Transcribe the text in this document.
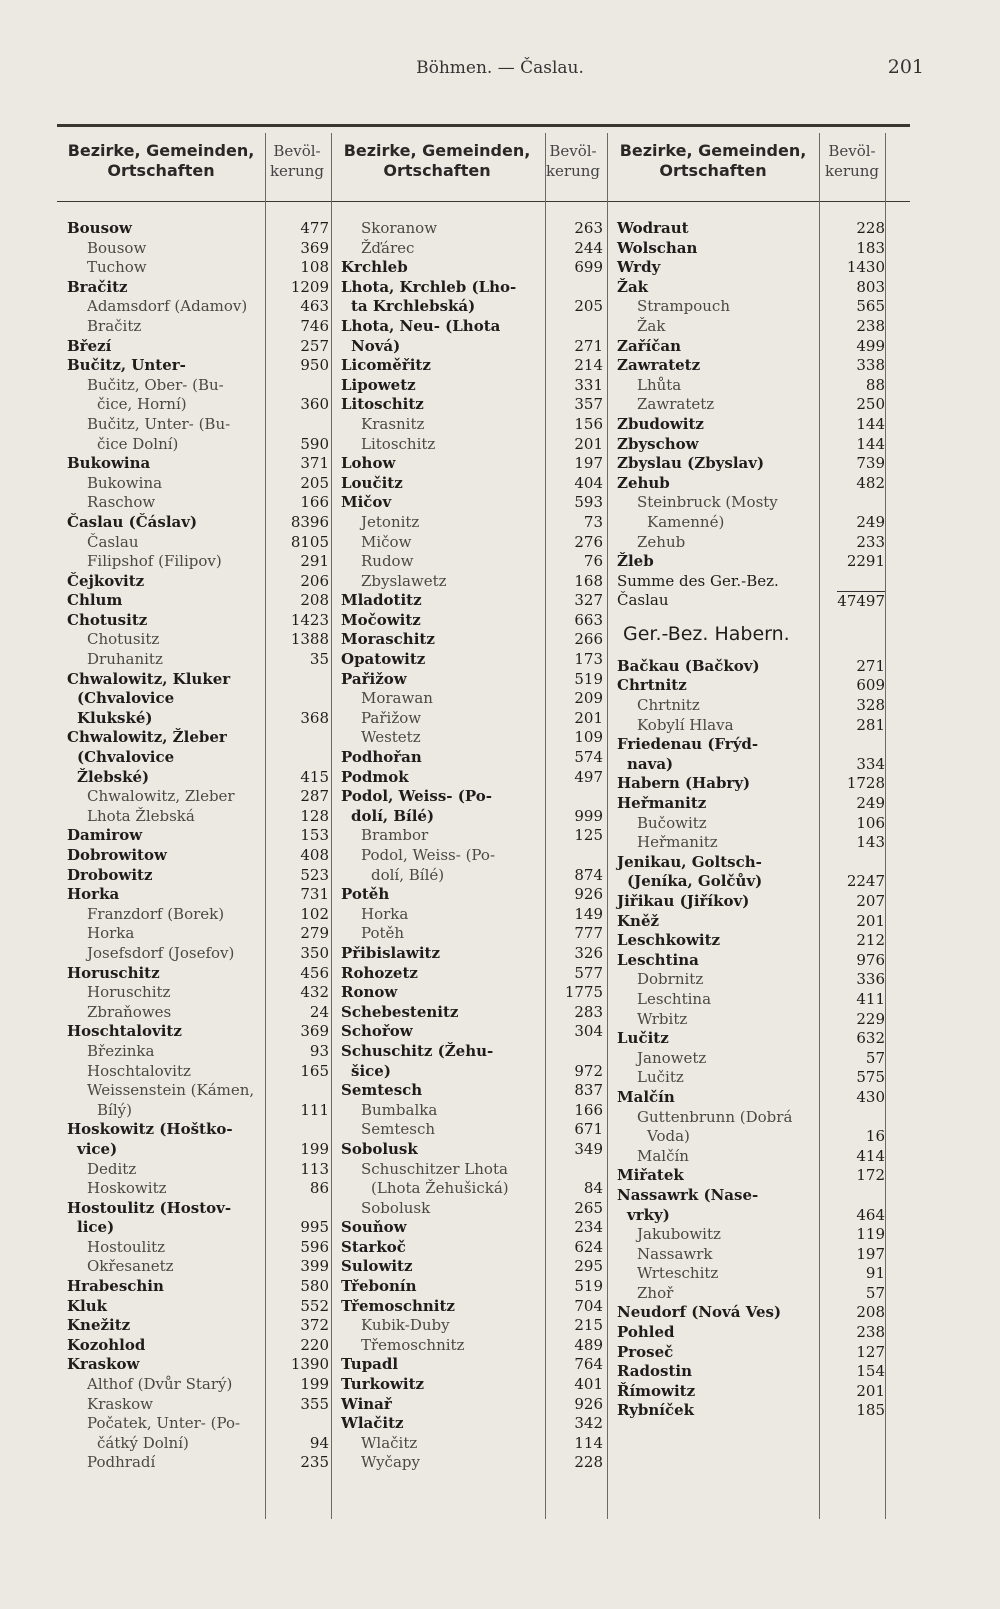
Böhmen. — Časlau.	201
Bezirke, Gemeinden, Ortschaften
Bevöl-kerung
Bezirke, Gemeinden, Ortschaften
Bevöl-kerung
Bezirke, Gemeinden, Ortschaften
Bevöl-kerung
Bousow	477
Bousow	369
Tuchow	108
Bračitz	1209
Adamsdorf (Adamov)	463
Bračitz	746
Březí	257
Bučitz, Unter-	950
Bučitz, Ober- (Bu-
čice, Horní)	360
Bučitz, Unter- (Bu-
čice Dolní)	590
Bukowina	371
Bukowina	205
Raschow	166
Časlau (Čáslav)	8396
Časlau	8105
Filipshof (Filipov)	291
Čejkovitz	206
Chlum	208
Chotusitz	1423
Chotusitz	1388
Druhanitz	35
Chwalowitz, Kluker
(Chvalovice
Klukské)	368
Chwalowitz, Žleber
(Chvalovice
Žlebské)	415
Chwalowitz, Zleber	287
Lhota Žlebská	128
Damirow	153
Dobrowitow	408
Drobowitz	523
Horka	731
Franzdorf (Borek)	102
Horka	279
Josefsdorf (Josefov)	350
Horuschitz	456
Horuschitz	432
Zbraňowes	24
Hoschtalovitz	369
Březinka	93
Hoschtalovitz	165
Weissenstein (Kámen,
Bílý)	111
Hoskowitz (Hoštko-
vice)	199
Deditz	113
Hoskowitz	86
Hostoulitz (Hostov-
lice)	995
Hostoulitz	596
Okřesanetz	399
Hrabeschin	580
Kluk	552
Knežitz	372
Kozohlod	220
Kraskow	1390
Althof (Dvůr Starý)	199
Kraskow	355
Počatek, Unter- (Po-
čátký Dolní)	94
Podhradí	235
Skoranow	263
Žďárec	244
Krchleb	699
Lhota, Krchleb (Lho-
ta Krchlebská)	205
Lhota, Neu- (Lhota
Nová)	271
Licoměřitz	214
Lipowetz	331
Litoschitz	357
Krasnitz	156
Litoschitz	201
Lohow	197
Loučitz	404
Mičov	593
Jetonitz	73
Mičow	276
Rudow	76
Zbyslawetz	168
Mladotitz	327
Močowitz	663
Moraschitz	266
Opatowitz	173
Pařižow	519
Morawan	209
Pařižow	201
Westetz	109
Podhořan	574
Podmok	497
Podol, Weiss- (Po-
dolí, Bílé)	999
Brambor	125
Podol, Weiss- (Po-
dolí, Bílé)	874
Potěh	926
Horka	149
Potěh	777
Přibislawitz	326
Rohozetz	577
Ronow	1775
Schebestenitz	283
Schořow	304
Schuschitz (Žehu-
šice)	972
Semtesch	837
Bumbalka	166
Semtesch	671
Sobolusk	349
Schuschitzer Lhota
(Lhota Žehušická)	84
Sobolusk	265
Souňow	234
Starkoč	624
Sulowitz	295
Třebonín	519
Třemoschnitz	704
Kubik-Duby	215
Třemoschnitz	489
Tupadl	764
Turkowitz	401
Winař	926
Wlačitz	342
Wlačitz	114
Wyčapy	228
Wodraut	228
Wolschan	183
Wrdy	1430
Žak	803
Strampouch	565
Žak	238
Zaříčan	499
Zawratetz	338
Lhůta	88
Zawratetz	250
Zbudowitz	144
Zbyschow	144
Zbyslau (Zbyslav)	739
Zehub	482
Steinbruck (Mosty
Kamenné)	249
Zehub	233
Žleb	2291
Summe des Ger.-Bez.
Časlau	47497
Ger.-Bez. Habern.
Bačkau (Bačkov)	271
Chrtnitz	609
Chrtnitz	328
Kobylí Hlava	281
Friedenau (Frýd-
nava)	334
Habern (Habry)	1728
Heřmanitz	249
Bučowitz	106
Heřmanitz	143
Jenikau, Goltsch-
(Jeníka, Golčův)	2247
Jiřikau (Jiříkov)	207
Kněž	201
Leschkowitz	212
Leschtina	976
Dobrnitz	336
Leschtina	411
Wrbitz	229
Lučitz	632
Janowetz	57
Lučitz	575
Malčín	430
Guttenbrunn (Dobrá
Voda)	16
Malčín	414
Miřatek	172
Nassawrk (Nase-
vrky)	464
Jakubowitz	119
Nassawrk	197
Wrteschitz	91
Zhoř	57
Neudorf (Nová Ves)	208
Pohled	238
Proseč	127
Radostin	154
Římowitz	201
Rybníček	185
